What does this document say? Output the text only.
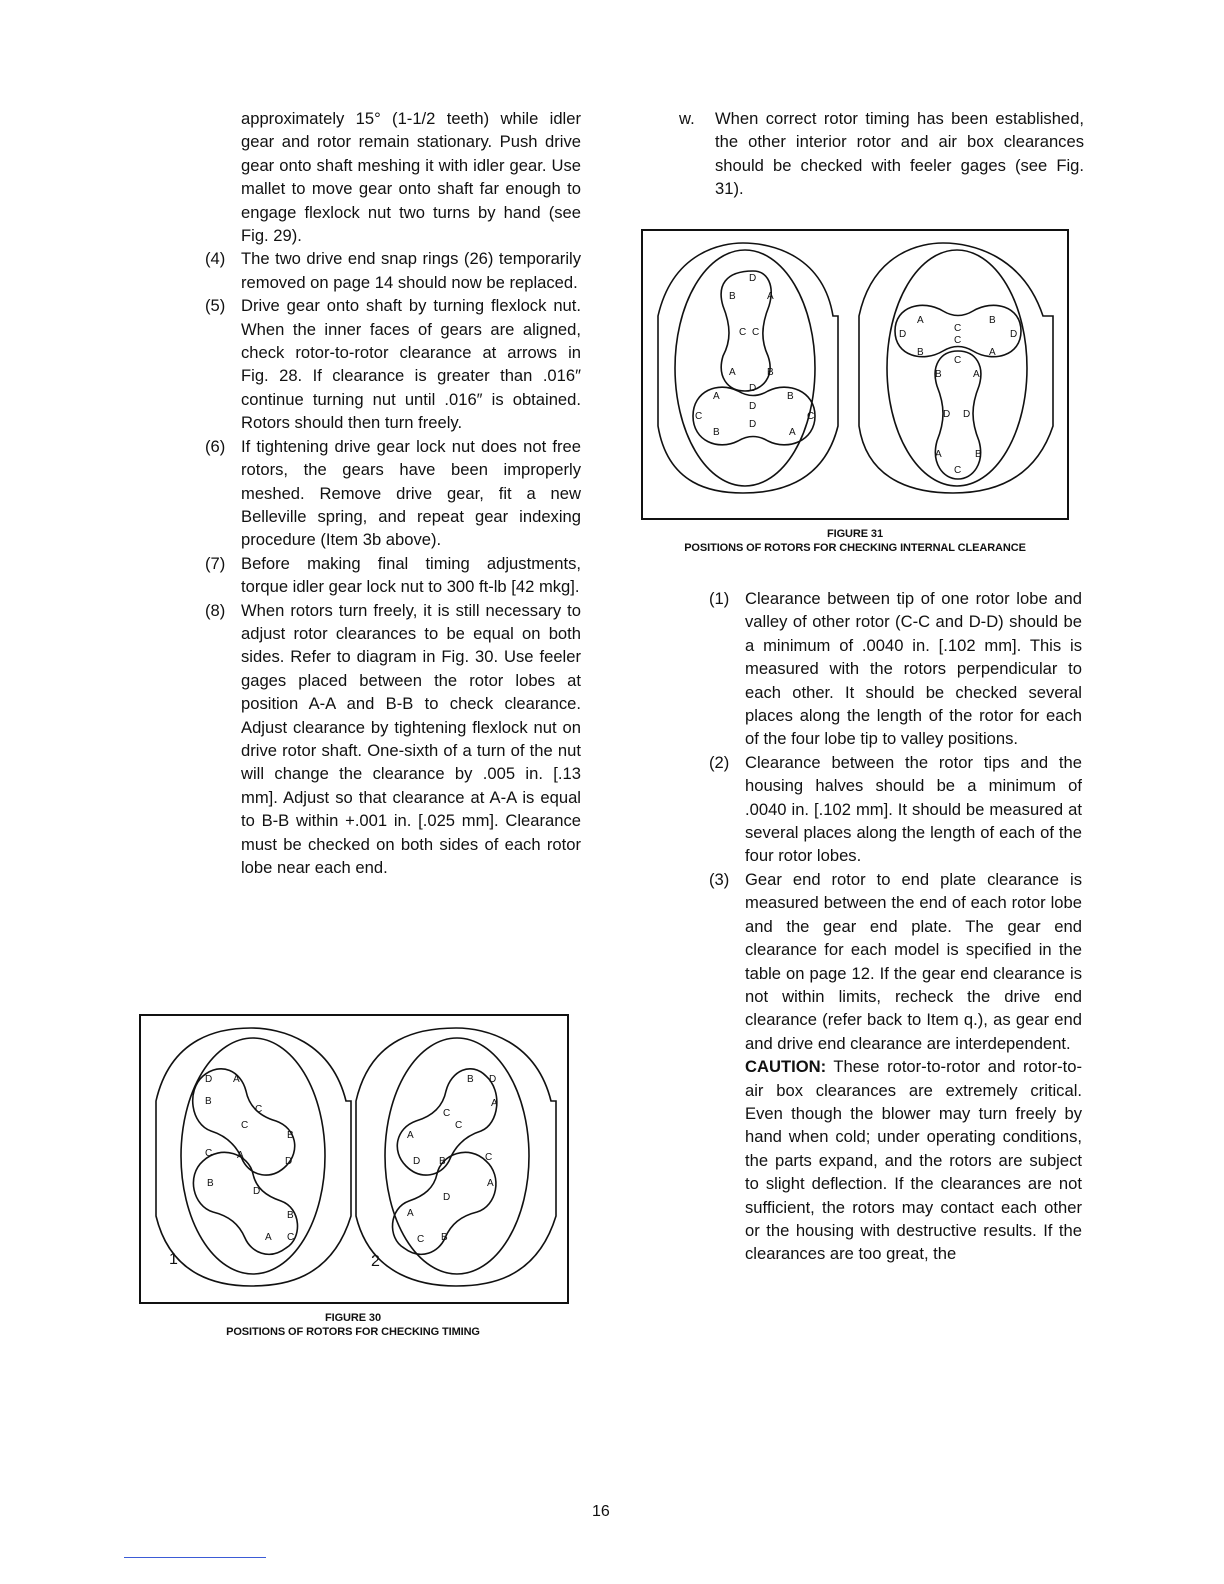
approximately 15° (1-1/2 teeth) while idler gear and rotor remain stationary. Push drive gear onto shaft meshing it with idler gear. Use mallet to move gear onto shaft far enough to engage flexlock nut two turns by hand (see Fig. 29).

(4) The two drive end snap rings (26) temporarily removed on page 14 should now be replaced.
(5) Drive gear onto shaft by turning flexlock nut. When the inner faces of gears are aligned, check rotor-to-rotor clearance at arrows in Fig. 28. If clearance is greater than .016″ continue turning nut until .016″ is obtained. Rotors should then turn freely.
(6) If tightening drive gear lock nut does not free rotors, the gears have been improperly meshed. Remove drive gear, fit a new Belleville spring, and repeat gear indexing procedure (Item 3b above).
(7) Before making final timing adjustments, torque idler gear lock nut to 300 ft-lb [42 mkg].
(8) When rotors turn freely, it is still necessary to adjust rotor clearances to be equal on both sides. Refer to diagram in Fig. 30. Use feeler gages placed between the rotor lobes at position A-A and B-B to check clearance. Adjust clearance by tightening flexlock nut on drive rotor shaft. One-sixth of a turn of the nut will change the clearance by .005 in. [.13 mm]. Adjust so that clearance at A-A is equal to B-B within +.001 in. [.025 mm]. Clearance must be checked on both sides of each rotor lobe near each end.
w.	When correct rotor timing has been established, the other interior rotor and air box clearances should be checked with feeler gages (see Fig. 31).
D
B	A
C C
A	B
D
A	B
C
D
C
B
D
A
A
C
B
D
C
D
B
C
A
B	A
D D
A	B
C
FIGURE 31
POSITIONS OF ROTORS FOR CHECKING INTERNAL CLEARANCE
(1) Clearance between tip of one rotor lobe and valley of other rotor (C-C and D-D) should be a minimum of .0040 in. [.102 mm]. This is measured with the rotors perpendicular to each other. It should be checked several places along the length of the rotor for each of the four lobe tip to valley positions.
(2) Clearance between the rotor tips and the housing halves should be a minimum of .0040 in. [.102 mm]. It should be measured at several places along the length of each of the four rotor lobes.
(3) Gear end rotor to end plate clearance is measured between the end of each rotor lobe and the gear end plate. The gear end clearance for each model is specified in the table on page 12. If the gear end clearance is not within limits, recheck the drive end clearance (refer back to Item q.), as gear end and drive end clearance are interdependent.

CAUTION: These rotor-to-rotor and rotor-to-air box clearances are extremely critical. Even though the blower may turn freely by hand when cold; under operating conditions, the parts expand, and the rotors are subject to slight deflection. If the clearances are not sufficient, the rotors may contact each other or the housing with destructive results. If the clearances are too great, the

D A
B
C
C
B
C A
D
B
D
B
A C
B D
A
C
C
A
D B	C
A
D
A
B
C
1	2
FIGURE 30
POSITIONS OF ROTORS FOR CHECKING TIMING
16
